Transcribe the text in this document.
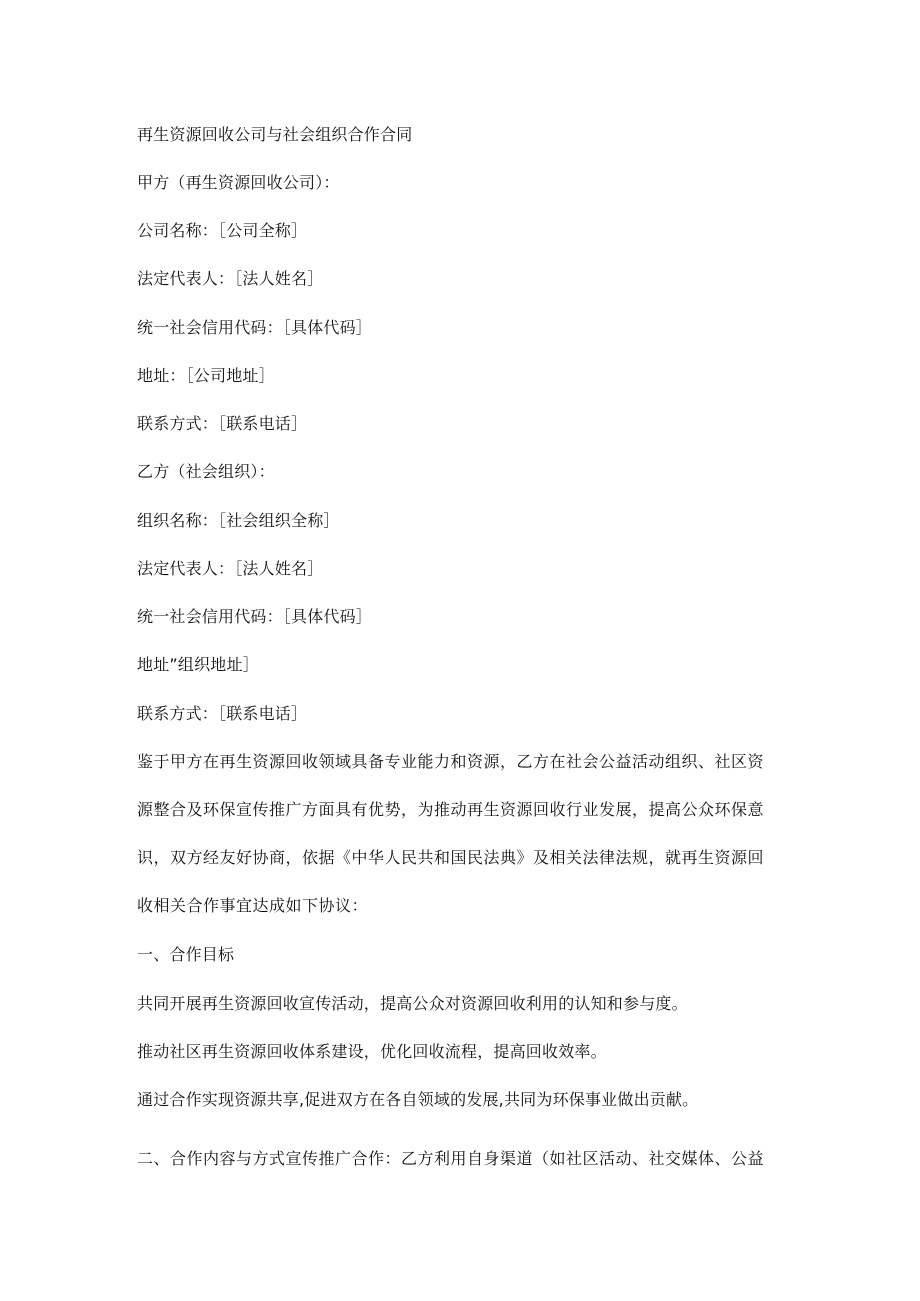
再生资源回收公司与社会组织合作合同
甲方（再生资源回收公司）：
公司名称：［公司全称］
法定代表人：［法人姓名］
统一社会信用代码：［具体代码］
地址：［公司地址］
联系方式：［联系电话］
乙方（社会组织）：
组织名称：［社会组织全称］
法定代表人：［法人姓名］
统一社会信用代码：［具体代码］
地址”组织地址］
联系方式：［联系电话］
鉴于甲方在再生资源回收领域具备专业能力和资源，乙方在社会公益活动组织、社区资
源整合及环保宣传推广方面具有优势，为推动再生资源回收行业发展，提高公众环保意
识，双方经友好协商，依据《中华人民共和国民法典》及相关法律法规，就再生资源回
收相关合作事宜达成如下协议：
一、合作目标
共同开展再生资源回收宣传活动，提高公众对资源回收利用的认知和参与度。
推动社区再生资源回收体系建设，优化回收流程，提高回收效率。
通过合作实现资源共享,促进双方在各自领域的发展,共同为环保事业做出贡献。
二、合作内容与方式宣传推广合作：乙方利用自身渠道（如社区活动、社交媒体、公益
